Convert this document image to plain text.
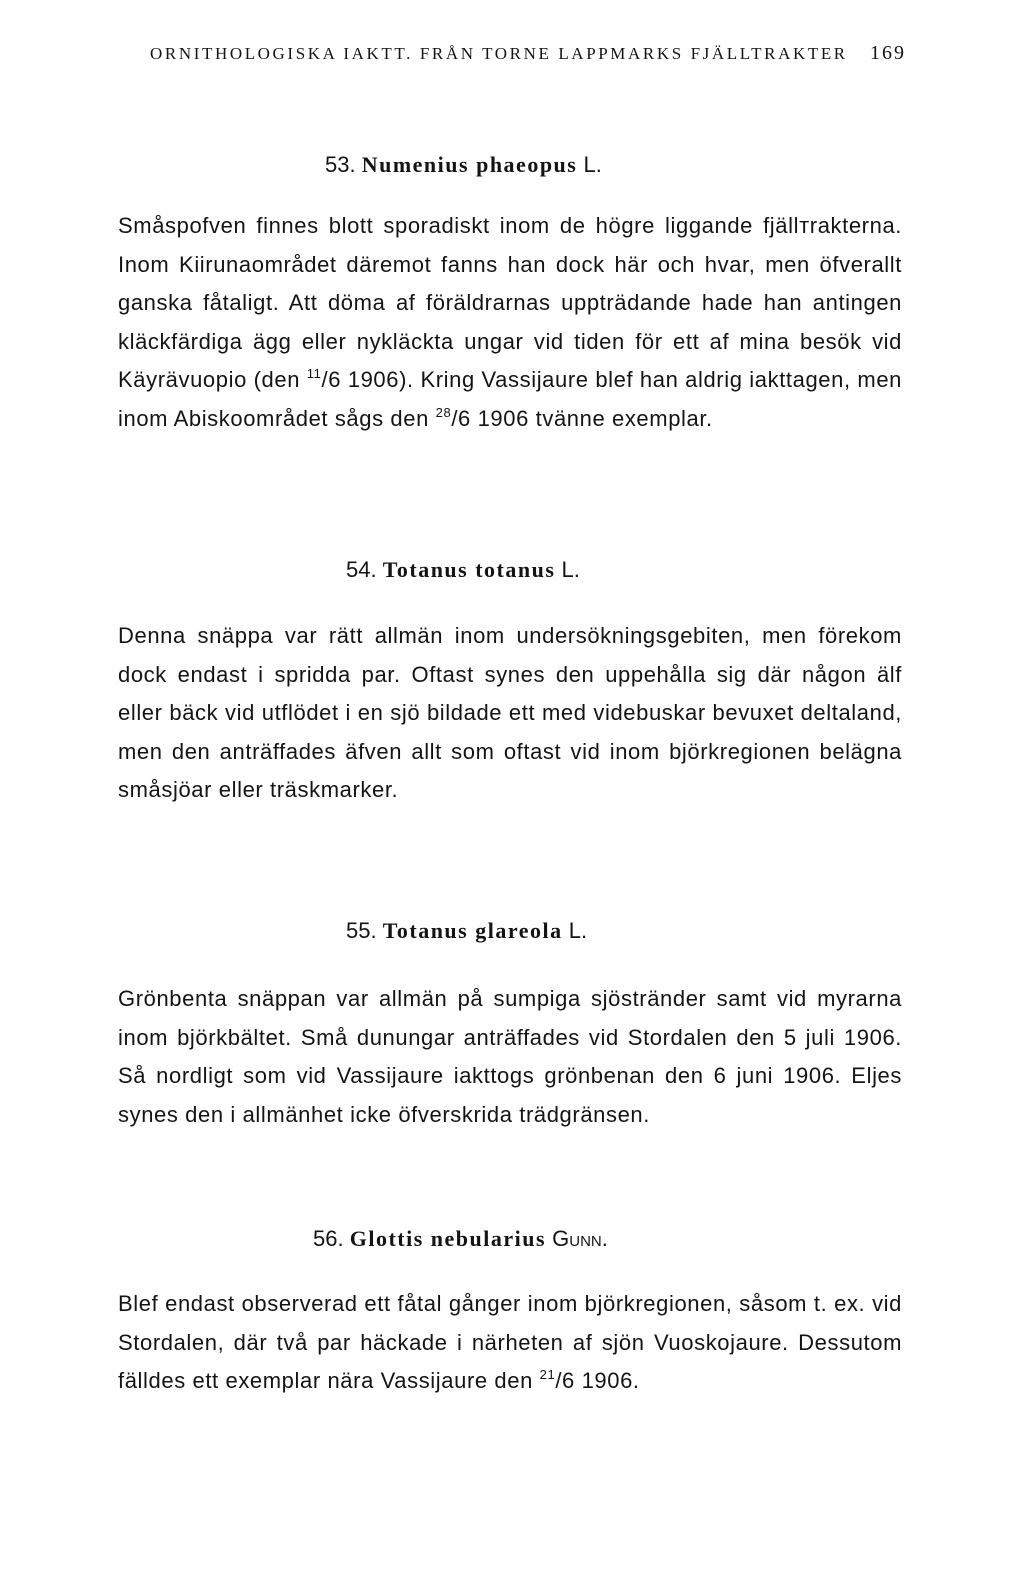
ORNITHOLOGISKA IAKTT. FRÅN TORNE LAPPMARKS FJÄLLTRAKTER 169
53. Numenius phaeopus L.

Småspofven finnes blott sporadiskt inom de högre liggande fjällтrakterna. Inom Kiirunaområdet däremot fanns han dock här och hvar, men öfverallt ganska fåtaligt. Att döma af föräldrarnas uppträdande hade han antingen kläckfärdiga ägg eller nykläckta ungar vid tiden för ett af mina besök vid Käyrävuopio (den $^{11}$/6 1906). Kring Vassijaure blef han aldrig iakttagen, men inom Abiskoområdet sågs den $^{28}$/6 1906 tvänne exemplar.

54. Totanus totanus L.

Denna snäppa var rätt allmän inom undersökningsgebiten, men förekom dock endast i spridda par. Oftast synes den uppehålla sig där någon älf eller bäck vid utflödet i en sjö bildade ett med videbuskar bevuxet deltaland, men den anträffades äfven allt som oftast vid inom björkregionen belägna småsjöar eller träskmarker.

55. Totanus glareola L.

Grönbenta snäppan var allmän på sumpiga sjöstränder samt vid myrarna inom björkbältet. Små dunungar anträffades vid Stordalen den 5 juli 1906. Så nordligt som vid Vassijaure iakttogs grönbenan den 6 juni 1906. Eljes synes den i allmänhet icke öfverskrida trädgränsen.

56. Glottis nebularius Gunn.

Blef endast observerad ett fåtal gånger inom björkregionen, såsom t. ex. vid Stordalen, där två par häckade i närheten af sjön Vuoskojaure. Dessutom fälldes ett exemplar nära Vassijaure den $^{21}$/6 1906.
